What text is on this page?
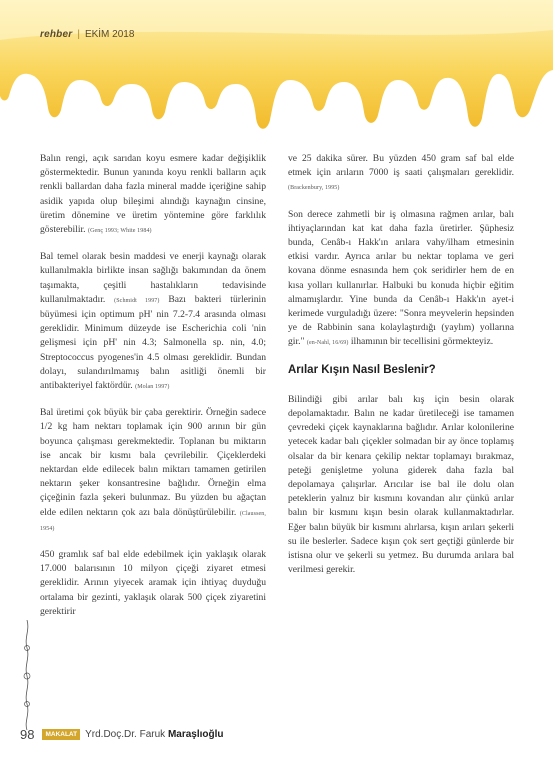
rehber | EKİM 2018

Balın rengi, açık sarıdan koyu esmere kadar değişiklik göstermektedir. Bunun yanında koyu renkli balların açık renkli ballardan daha fazla mineral madde içeriğine sahip asidik yapıda olup bileşimi alındığı kaynağın cinsine, üretim dönemine ve üretim yöntemine göre farklılık gösterebilir. (Genç 1993; White 1984)

Bal temel olarak besin maddesi ve enerji kaynağı olarak kullanılmakla birlikte insan sağlığı bakımından da önem taşımakta, çeşitli hastalıkların tedavisinde kullanılmaktadır. (Schmidt 1997) Bazı bakteri türlerinin büyümesi için optimum pH' nin 7.2-7.4 arasında olması gereklidir. Minimum düzeyde ise Escherichia coli 'nin gelişmesi için pH' nin 4.3; Salmonella sp. nin, 4.0; Streptococcus pyogenes'in 4.5 olması gereklidir. Bundan dolayı, sulandırılmamış balın asitliği önemli bir antibakteriyel faktördür. (Molan 1997)

Bal üretimi çok büyük bir çaba gerektirir. Örneğin sadece 1/2 kg ham nektarı toplamak için 900 arının bir gün boyunca çalışması gerekmektedir. Toplanan bu miktarın ise ancak bir kısmı bala çevrilebilir. Çiçeklerdeki nektardan elde edilecek balın miktarı tamamen getirilen nektarın şeker konsantresine bağlıdır. Örneğin elma çiçeğinin fazla şekeri bulunmaz. Bu yüzden bu ağaçtan elde edilen nektarın çok azı bala dönüştürülebilir. (Claussen, 1954)

450 gramlık saf bal elde edebilmek için yaklaşık olarak 17.000 balarısının 10 milyon çiçeği ziyaret etmesi gereklidir. Arının yiyecek aramak için ihtiyaç duyduğu ortalama bir gezinti, yaklaşık olarak 500 çiçek ziyaretini gerektirir

ve 25 dakika sürer. Bu yüzden 450 gram saf bal elde etmek için arıların 7000 iş saati çalışmaları gereklidir. (Brackenbury, 1995)

Son derece zahmetli bir iş olmasına rağmen arılar, balı ihtiyaçlarından kat kat daha fazla üretirler. Şüphesiz bunda, Cenâb-ı Hakk'ın arılara vahy/ilham etmesinin etkisi vardır. Ayrıca arılar bu nektar toplama ve geri kovana dönme esnasında hem çok seridirler hem de en kısa yolları kullanırlar. Halbuki bu konuda hiçbir eğitim almamışlardır. Yine bunda da Cenâb-ı Hakk'ın ayet-i kerimede vurguladığı üzere: "Sonra meyvelerin hepsinden ye de Rabbinin sana kolaylaştırdığı (yaylım) yollarına gir." (en-Nahl, 16/69) ilhamının bir tecellisini görmekteyiz.

Arılar Kışın Nasıl Beslenir?

Bilindiği gibi arılar balı kış için besin olarak depolamaktadır. Balın ne kadar üretileceği ise tamamen çevredeki çiçek kaynaklarına bağlıdır. Arılar kolonilerine yetecek kadar balı çiçekler solmadan bir ay önce toplamış olsalar da bir kenara çekilip nektar toplamayı bırakmaz, peteği genişletme yoluna giderek daha fazla bal depolamaya çalışırlar. Arıcılar ise bal ile dolu olan peteklerin yalnız bir kısmını kovandan alır çünkü arılar balın bir kısmını kışın besin olarak kullanmaktadırlar. Eğer balın büyük bir kısmını alırlarsa, kışın arıları şekerli su ile beslerler. Sadece kışın çok sert geçtiği günlerde bir istisna olur ve şekerli su yetmez. Bu durumda arılara bal verilmesi gerekir.

98	MAKALAT Yrd.Doç.Dr. Faruk Maraşlıoğlu
